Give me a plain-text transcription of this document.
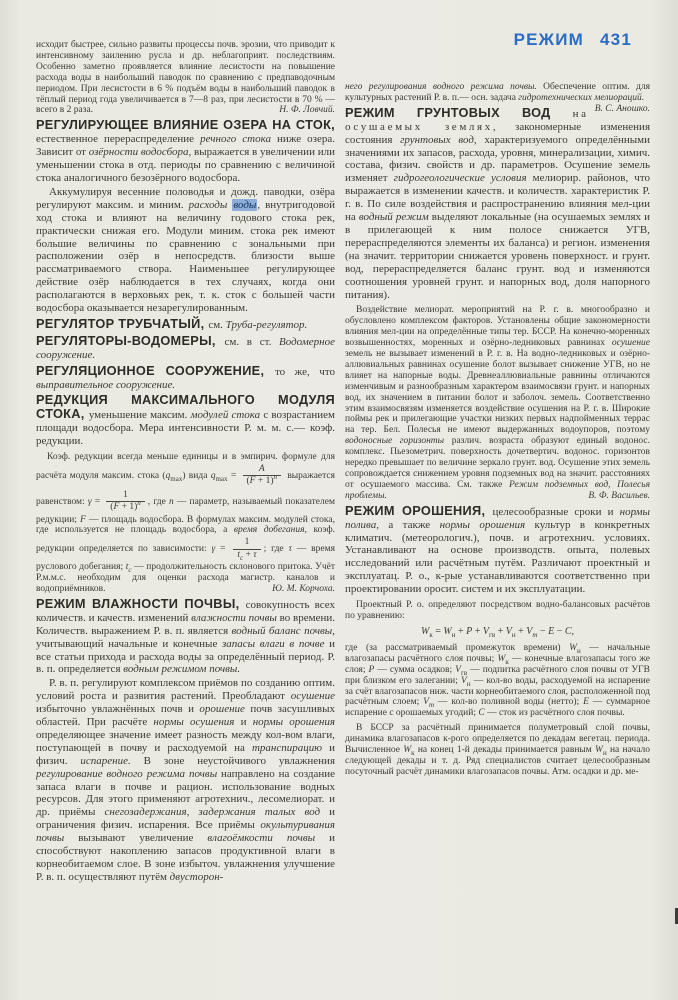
РЕЖИМ 431

исходит быстрее, сильно развиты процессы почв. эрозии, что приводит к интенсивному заилению русла и др. неблагоприят. последствиям. Особенно заметно проявляется влияние лесистости на повышение расхода воды в наибольший паводок по сравнению с предпаводочным периодом. При лесистости в 6 % подъём воды в наибольший паводок в тёплый период года увеличивается в 7—8 раз, при лесистости в 70 % — всего в 2 раза.	Н. Ф. Ловчий.

РЕГУЛИРУЮЩЕЕ ВЛИЯНИЕ ОЗЕРА НА СТОК, естественное перераспределение речного стока ниже озера. Зависит от озёрности водосбора, выражается в увеличении или уменьшении стока в отд. периоды по сравнению с величиной стока аналогичного безозёрного водосбора.

Аккумулируя весенние половодья и дожд. паводки, озёра регулируют максим. и миним. расходы воды, внутригодовой ход стока и влияют на величину годового стока рек, практически снижая его. Модули миним. стока рек имеют большие величины по сравнению с зональными при расположении озёр в непосредств. близости выше рассматриваемого створа. Наименьшее регулирующее действие озёр наблюдается в тех случаях, когда они располагаются в верховьях рек, т. к. сток с большей части водосбора оказывается незарегулированным.

РЕГУЛЯТОР ТРУБЧАТЫЙ, см. Труба-регулятор.

РЕГУЛЯТОРЫ-ВОДОМЕРЫ, см. в ст. Водомерное сооружение.

РЕГУЛЯЦИОННОЕ СООРУЖЕНИЕ, то же, что выправительное сооружение.

РЕДУКЦИЯ МАКСИМАЛЬНОГО МОДУЛЯ СТОКА, уменьшение максим. модулей стока с возрастанием площади водосбора. Мера интенсивности Р. м. м. с.— коэф. редукции.

Коэф. редукции всегда меньше единицы и в эмпирич. формуле для расчёта модуля максим. стока $(q_{max})$ вида $q_{max} = \frac{A}{(F + 1)^n}$ выражается равенством: $\gamma = \frac{1}{(F + 1)^n}$ , где n — параметр, называемый показателем редукции; F — площадь водосбора. В формулах максим. модулей стока, где используется не площадь водосбора, а время добегания, коэф. редукции определяется по зависимости: $\gamma = \frac{1}{t_c + \tau}$ ; где τ — время руслового добегания; $t_c$ — продолжительность склонового притока. Учёт Р.м.м.с. необходим для оценки расхода магистр. каналов и водоприёмников.	Ю. М. Корчоха.

РЕЖИМ ВЛАЖНОСТИ ПОЧВЫ, совокупность всех количеств. и качеств. изменений влажности почвы во времени. Количеств. выражением Р. в. п. является водный баланс почвы, учитывающий начальные и конечные запасы влаги в почве и все статьи прихода и расхода воды за определённый период. Р. в. п. определяется водным режимом почвы.

Р. в. п. регулируют комплексом приёмов по созданию оптим. условий роста и развития растений. Преобладают осушение избыточно увлажнённых почв и орошение почв засушливых областей. При расчёте нормы осушения и нормы орошения определяющее значение имеет разность между кол-вом влаги, поступающей в почву и расходуемой на транспирацию и физич. испарение. В зоне неустойчивого увлажнения регулирование водного режима почвы направлено на создание запаса влаги в почве и рацион. использование водных ресурсов. Для этого применяют агротехнич., лесомелиорат. и др. приёмы снегозадержания, задержания талых вод и ограничения физич. испарения. Все приёмы окультуривания почвы вызывают увеличение влагоёмкости почвы и способствуют накоплению запасов продуктивной влаги в корнеобитаемом слое. В зоне избыточ. увлажнения улучшение Р. в. п. осуществляют путём двусторон-

него регулирования водного режима почвы. Обеспечение оптим. для культурных растений Р. в. п.— осн. задача гидротехнических мелиораций.
В. С. Аношко.

РЕЖИМ ГРУНТОВЫХ ВОД на осушаемых землях, закономерные изменения состояния грунтовых вод, характеризуемого определёнными значениями их запасов, расхода, уровня, минерализации, химич. состава, физич. свойств и др. параметров. Осушение земель изменяет гидрогеологические условия мелиорир. районов, что выражается в изменении качеств. и количеств. характеристик Р. г. в. По силе воздействия и распространению влияния мел-ции на водный режим выделяют локальные (на осушаемых землях и в прилегающей к ним полосе снижается УГВ, перераспределяются элементы их баланса) и регион. изменения (на значит. территории снижается уровень поверхност. и грунт. вод, перераспределяется баланс грунт. вод и изменяются соотношения уровней грунт. и напорных вод, доля напорного питания).

Воздействие мелиорат. мероприятий на Р. г. в. многообразно и обусловлено комплексом факторов. Установлены общие закономерности влияния мел-ции на определённые типы тер. БССР. На конечно-моренных возвышенностях, моренных и озёрно-ледниковых равнинах осушение земель не вызывает изменений в Р. г. в. На водно-ледниковых и озёрно-аллювиальных равнинах осушение болот вызывает снижение УГВ, но не влияет на напорные воды. Древнеаллювиальные равнины отличаются изменчивым и разнообразным характером взаимосвязи грунт. и напорных вод, их значением в питании болот и заболоч. земель. Соответственно этим взаимосвязям изменяется воздействие осушения на Р. г. в. Широкие поймы рек и прилегающие участки низких первых надпойменных террас на тер. Бел. Полесья не имеют выдержанных водоупоров, поэтому водоносные горизонты различ. возраста образуют единый водонос. комплекс. Пьезометрич. поверхность дочетвертич. водонос. горизонтов нередко превышает по величине зеркало грунт. вод. Осушение этих земель сопровождается снижением уровня подземных вод на значит. расстояниях от осушаемого массива. См. также Режим подземных вод, Полесья проблемы.	В. Ф. Васильев.

РЕЖИМ ОРОШЕНИЯ, целесообразные сроки и нормы полива, а также нормы орошения культур в конкретных климатич. (метеорологич.), почв. и агротехнич. условиях. Устанавливают на основе производств. опыта, полевых исследований или расчётным путём. Различают проектный и эксплуатац. Р. о., к-рые устанавливаются соответственно при проектировании оросит. систем и их эксплуатации.

Проектный Р. о. определяют посредством водно-балансовых расчётов по уравнению:

$W_к = W_н + P + V_{гв} + V_н + V_m - E - C$,

где (за рассматриваемый промежуток времени) $W_н$ — начальные влагозапасы расчётного слоя почвы; $W_к$ — конечные влагозапасы того же слоя; P — сумма осадков; $V_{гв}$ — подпитка расчётного слоя почвы от УГВ при близком его залегании; $V_н$ — кол-во воды, расходуемой на испарение за счёт влагозапасов ниж. части корнеобитаемого слоя, расположенной под расчётным слоем; $V_m$ — кол-во поливной воды (нетто); E — суммарное испарение с орошаемых угодий; C — сток из расчётного слоя почвы.

В БССР за расчётный принимается полуметровый слой почвы, динамика влагозапасов к-рого определяется по декадам вегетац. периода. Вычисленное $W_к$ на конец 1-й декады принимается равным $W_н$ на начало следующей декады и т. д. Ряд специалистов считает целесообразным посуточный расчёт динамики влагозапасов почвы. Атм. осадки и др. ме-
